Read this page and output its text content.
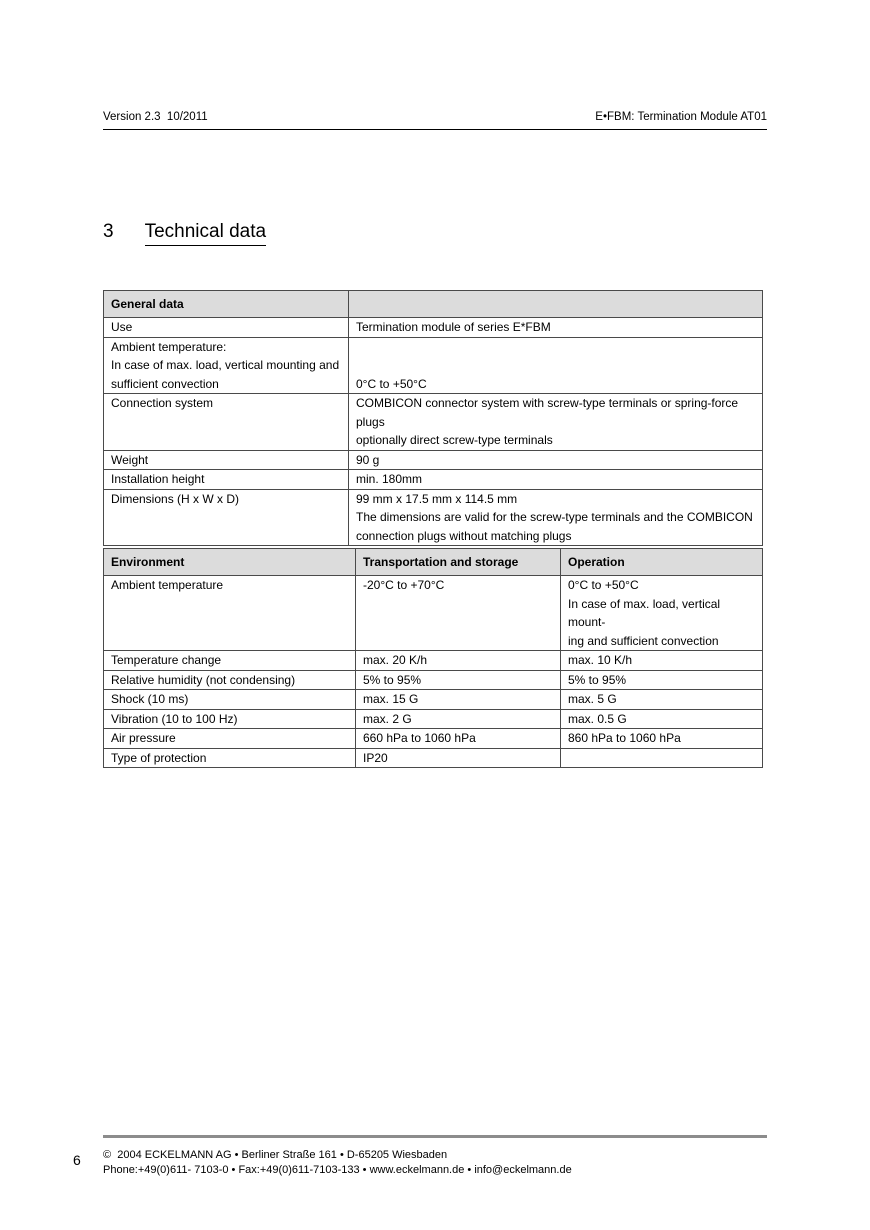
Version 2.3  10/2011	E•FBM: Termination Module AT01
3 Technical data
General data	

Use	Termination module of series E*FBM

Ambient temperature:
In case of max. load, vertical mounting and
sufficient convection	0°C to +50°C

Connection system	COMBICON connector system with screw-type terminals or spring-force plugs
optionally direct screw-type terminals

Weight	90 g

Installation height	min. 180mm

Dimensions (H x W x D)	99 mm x 17.5 mm x 114.5 mm
The dimensions are valid for the screw-type terminals and the COMBICON
connection plugs without matching plugs
Environment	Transportation and storage	Operation

Ambient temperature	-20°C to +70°C	0°C to +50°C
In case of max. load, vertical mount-
ing and sufficient convection

Temperature change	max. 20 K/h	max. 10 K/h

Relative humidity (not condensing)	5% to 95%	5% to 95%

Shock (10 ms)	max. 15 G	max. 5 G

Vibration (10 to 100 Hz)	max. 2 G	max. 0.5 G

Air pressure	660 hPa to 1060 hPa	860 hPa to 1060 hPa

Type of protection	IP20	

6 ©  2004 ECKELMANN AG • Berliner Straße 161 • D-65205 Wiesbaden
Phone:+49(0)611- 7103-0 • Fax:+49(0)611-7103-133 • www.eckelmann.de • info@eckelmann.de
